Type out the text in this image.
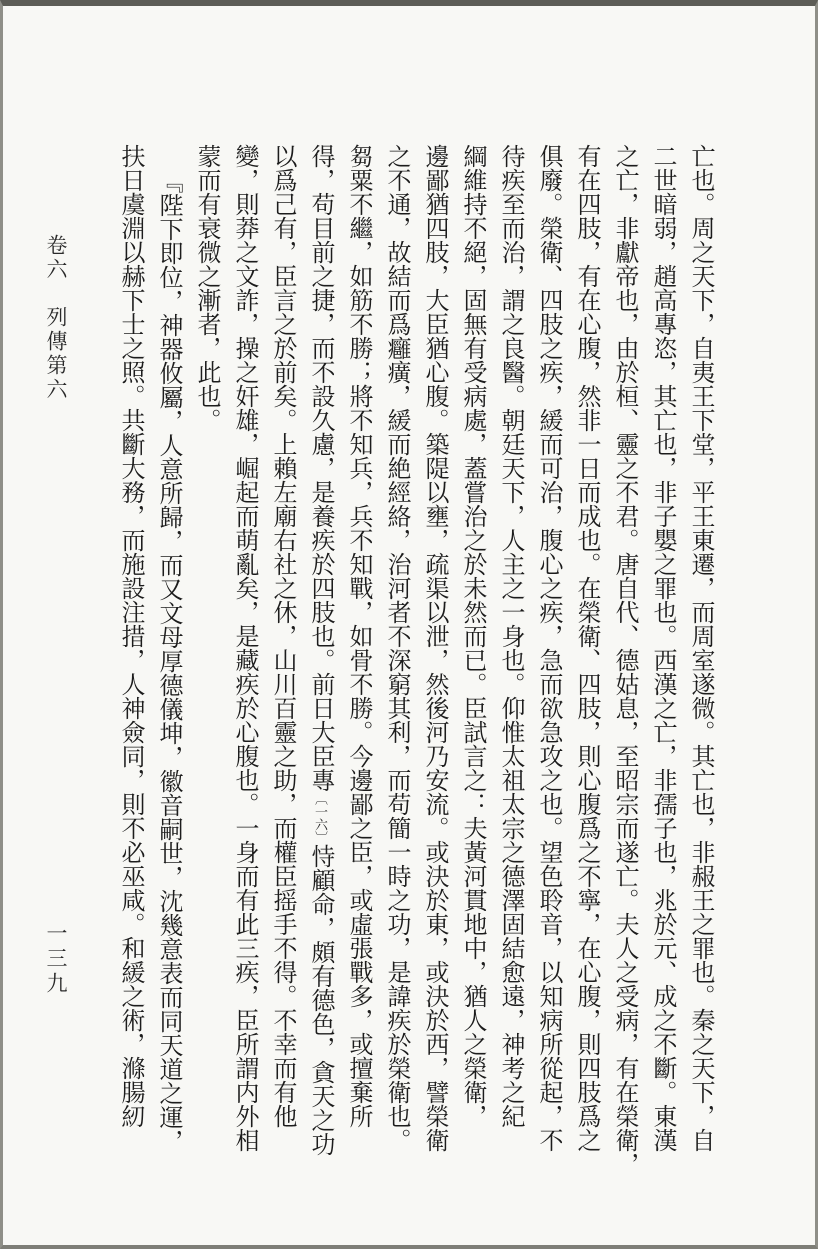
卷六　列傳第六
一三九	亡也。周之天下，自夷王下堂，平王東遷，而周室遂微。其亡也，非赧王之罪也。秦之天下，自
二世暗弱，趙高專恣，其亡也，非子嬰之罪也。西漢之亡，非孺子也，兆於元、成之不斷。東漢
之亡，非獻帝也，由於桓、靈之不君。唐自代、德姑息，至昭宗而遂亡。夫人之受病，有在榮衛，
有在四肢，有在心腹，然非一日而成也。在榮衛、四肢，則心腹爲之不寧，在心腹，則四肢爲之
俱廢。榮衛、四肢之疾，緩而可治，腹心之疾，急而欲急攻之也。望色聆音，以知病所從起，不
待疾至而治，謂之良醫。朝廷天下，人主之一身也。仰惟太祖太宗之德澤固結愈遠，神考之紀
綱維持不絕，固無有受病處，蓋嘗治之於未然而已。臣試言之：夫黃河貫地中，猶人之榮衛，
邊鄙猶四肢，大臣猶心腹。築隄以壅，疏渠以泄，然後河乃安流。或決於東，或決於西，譬榮衛
之不通，故結而爲癰癀，緩而絶經絡，治河者不深窮其利，而苟簡一時之功，是諱疾於榮衛也。
芻粟不繼，如筋不勝；將不知兵，兵不知戰，如骨不勝。今邊鄙之臣，或虛張戰多，或擅棄所
得，苟目前之捷，而不設久慮，是養疾於四肢也。前日大臣專〔一六〕恃顧命，頗有德色，貪天之功
以爲己有，臣言之於前矣。上賴左廟右社之休，山川百靈之助，而權臣摇手不得。不幸而有他
變，則莽之文詐，操之奸雄，崛起而萌亂矣，是藏疾於心腹也。一身而有此三疾，臣所謂内外相
蒙而有衰微之漸者，此也。
『陛下即位，神器攸屬，人意所歸，而又文母厚德儀坤，徽音嗣世，沈幾意表而同天道之運，
扶日虞淵以赫下士之照。共斷大務，而施設注措，人神僉同，則不必巫咸。和緩之術，滌腸紉
